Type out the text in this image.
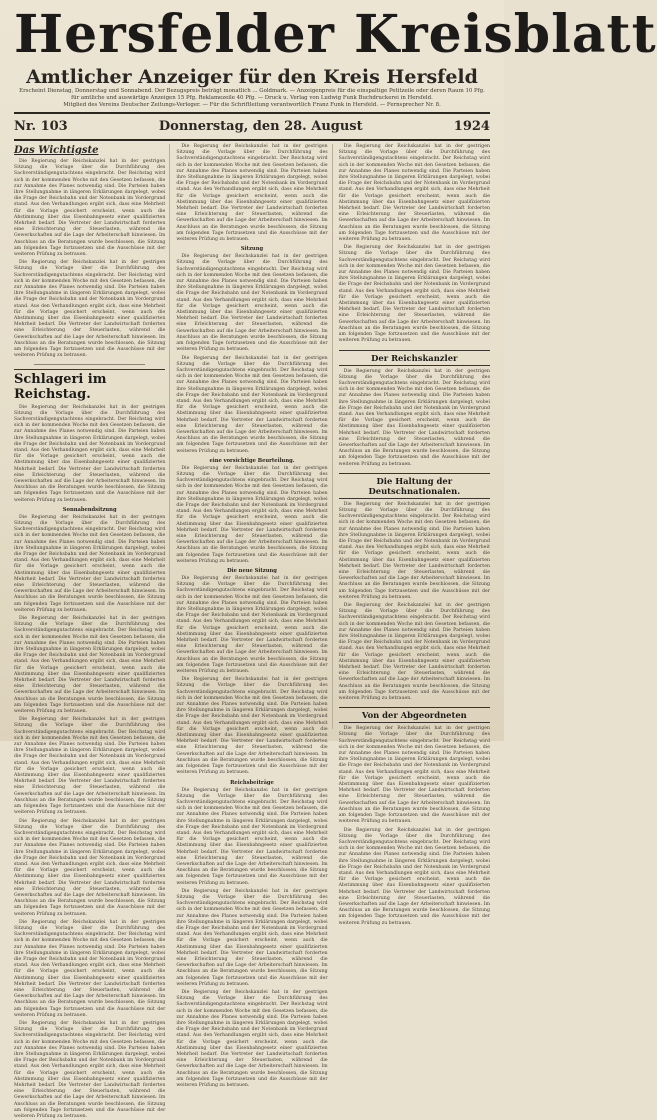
Hersfelder Kreisblatt
Amtlicher Anzeiger für den Kreis Hersfeld
Erscheint Dienstag, Donnerstag und Sonnabend. Der Bezugspreis beträgt monatlich ... Goldmark. — Anzeigenpreis für die einspaltige Petitzeile oder deren Raum 10 Pfg.
für amtliche und auswärtige Anzeigen 15 Pfg. Reklamezeile 40 Pfg. — Druck u. Verlag von Ludwig Funk Buchdruckerei in Hersfeld.
Mitglied des Vereins Deutscher Zeitungs-Verleger. — Für die Schriftleitung verantwortlich Franz Funk in Hersfeld. — Fernsprecher Nr. 8.
Nr. 103	Donnerstag, den 28. August	1924
Das Wichtigste

Die Regierung der Reichskanzlei hat in der gestrigen Sitzung die Vorlage über die Durchführung des Sachverständigengutachtens eingebracht. Der Reichstag wird sich in der kommenden Woche mit den Gesetzen befassen, die zur Annahme des Planes notwendig sind. Die Parteien haben ihre Stellungnahme in längeren Erklärungen dargelegt, wobei die Frage der Reichsbahn und der Notenbank im Vordergrund stand. Aus den Verhandlungen ergibt sich, dass eine Mehrheit für die Vorlage gesichert erscheint, wenn auch die Abstimmung über das Eisenbahngesetz einer qualifizierten Mehrheit bedarf. Die Vertreter der Landwirtschaft forderten eine Erleichterung der Steuerlasten, während die Gewerkschaften auf die Lage der Arbeiterschaft hinwiesen. Im Anschluss an die Beratungen wurde beschlossen, die Sitzung am folgenden Tage fortzusetzen und die Ausschüsse mit der weiteren Prüfung zu betrauen.

Die Regierung der Reichskanzlei hat in der gestrigen Sitzung die Vorlage über die Durchführung des Sachverständigengutachtens eingebracht. Der Reichstag wird sich in der kommenden Woche mit den Gesetzen befassen, die zur Annahme des Planes notwendig sind. Die Parteien haben ihre Stellungnahme in längeren Erklärungen dargelegt, wobei die Frage der Reichsbahn und der Notenbank im Vordergrund stand. Aus den Verhandlungen ergibt sich, dass eine Mehrheit für die Vorlage gesichert erscheint, wenn auch die Abstimmung über das Eisenbahngesetz einer qualifizierten Mehrheit bedarf. Die Vertreter der Landwirtschaft forderten eine Erleichterung der Steuerlasten, während die Gewerkschaften auf die Lage der Arbeiterschaft hinwiesen. Im Anschluss an die Beratungen wurde beschlossen, die Sitzung am folgenden Tage fortzusetzen und die Ausschüsse mit der weiteren Prüfung zu betrauen.

Schlageri im Reichstag.

Die Regierung der Reichskanzlei hat in der gestrigen Sitzung die Vorlage über die Durchführung des Sachverständigengutachtens eingebracht. Der Reichstag wird sich in der kommenden Woche mit den Gesetzen befassen, die zur Annahme des Planes notwendig sind. Die Parteien haben ihre Stellungnahme in längeren Erklärungen dargelegt, wobei die Frage der Reichsbahn und der Notenbank im Vordergrund stand. Aus den Verhandlungen ergibt sich, dass eine Mehrheit für die Vorlage gesichert erscheint, wenn auch die Abstimmung über das Eisenbahngesetz einer qualifizierten Mehrheit bedarf. Die Vertreter der Landwirtschaft forderten eine Erleichterung der Steuerlasten, während die Gewerkschaften auf die Lage der Arbeiterschaft hinwiesen. Im Anschluss an die Beratungen wurde beschlossen, die Sitzung am folgenden Tage fortzusetzen und die Ausschüsse mit der weiteren Prüfung zu betrauen.

Sonnabendsitzung

Die Regierung der Reichskanzlei hat in der gestrigen Sitzung die Vorlage über die Durchführung des Sachverständigengutachtens eingebracht. Der Reichstag wird sich in der kommenden Woche mit den Gesetzen befassen, die zur Annahme des Planes notwendig sind. Die Parteien haben ihre Stellungnahme in längeren Erklärungen dargelegt, wobei die Frage der Reichsbahn und der Notenbank im Vordergrund stand. Aus den Verhandlungen ergibt sich, dass eine Mehrheit für die Vorlage gesichert erscheint, wenn auch die Abstimmung über das Eisenbahngesetz einer qualifizierten Mehrheit bedarf. Die Vertreter der Landwirtschaft forderten eine Erleichterung der Steuerlasten, während die Gewerkschaften auf die Lage der Arbeiterschaft hinwiesen. Im Anschluss an die Beratungen wurde beschlossen, die Sitzung am folgenden Tage fortzusetzen und die Ausschüsse mit der weiteren Prüfung zu betrauen.

Die Regierung der Reichskanzlei hat in der gestrigen Sitzung die Vorlage über die Durchführung des Sachverständigengutachtens eingebracht. Der Reichstag wird sich in der kommenden Woche mit den Gesetzen befassen, die zur Annahme des Planes notwendig sind. Die Parteien haben ihre Stellungnahme in längeren Erklärungen dargelegt, wobei die Frage der Reichsbahn und der Notenbank im Vordergrund stand. Aus den Verhandlungen ergibt sich, dass eine Mehrheit für die Vorlage gesichert erscheint, wenn auch die Abstimmung über das Eisenbahngesetz einer qualifizierten Mehrheit bedarf. Die Vertreter der Landwirtschaft forderten eine Erleichterung der Steuerlasten, während die Gewerkschaften auf die Lage der Arbeiterschaft hinwiesen. Im Anschluss an die Beratungen wurde beschlossen, die Sitzung am folgenden Tage fortzusetzen und die Ausschüsse mit der weiteren Prüfung zu betrauen.

Die Regierung der Reichskanzlei hat in der gestrigen Sitzung die Vorlage über die Durchführung des Sachverständigengutachtens eingebracht. Der Reichstag wird sich in der kommenden Woche mit den Gesetzen befassen, die zur Annahme des Planes notwendig sind. Die Parteien haben ihre Stellungnahme in längeren Erklärungen dargelegt, wobei die Frage der Reichsbahn und der Notenbank im Vordergrund stand. Aus den Verhandlungen ergibt sich, dass eine Mehrheit für die Vorlage gesichert erscheint, wenn auch die Abstimmung über das Eisenbahngesetz einer qualifizierten Mehrheit bedarf. Die Vertreter der Landwirtschaft forderten eine Erleichterung der Steuerlasten, während die Gewerkschaften auf die Lage der Arbeiterschaft hinwiesen. Im Anschluss an die Beratungen wurde beschlossen, die Sitzung am folgenden Tage fortzusetzen und die Ausschüsse mit der weiteren Prüfung zu betrauen.

Die Regierung der Reichskanzlei hat in der gestrigen Sitzung die Vorlage über die Durchführung des Sachverständigengutachtens eingebracht. Der Reichstag wird sich in der kommenden Woche mit den Gesetzen befassen, die zur Annahme des Planes notwendig sind. Die Parteien haben ihre Stellungnahme in längeren Erklärungen dargelegt, wobei die Frage der Reichsbahn und der Notenbank im Vordergrund stand. Aus den Verhandlungen ergibt sich, dass eine Mehrheit für die Vorlage gesichert erscheint, wenn auch die Abstimmung über das Eisenbahngesetz einer qualifizierten Mehrheit bedarf. Die Vertreter der Landwirtschaft forderten eine Erleichterung der Steuerlasten, während die Gewerkschaften auf die Lage der Arbeiterschaft hinwiesen. Im Anschluss an die Beratungen wurde beschlossen, die Sitzung am folgenden Tage fortzusetzen und die Ausschüsse mit der weiteren Prüfung zu betrauen.

Die Regierung der Reichskanzlei hat in der gestrigen Sitzung die Vorlage über die Durchführung des Sachverständigengutachtens eingebracht. Der Reichstag wird sich in der kommenden Woche mit den Gesetzen befassen, die zur Annahme des Planes notwendig sind. Die Parteien haben ihre Stellungnahme in längeren Erklärungen dargelegt, wobei die Frage der Reichsbahn und der Notenbank im Vordergrund stand. Aus den Verhandlungen ergibt sich, dass eine Mehrheit für die Vorlage gesichert erscheint, wenn auch die Abstimmung über das Eisenbahngesetz einer qualifizierten Mehrheit bedarf. Die Vertreter der Landwirtschaft forderten eine Erleichterung der Steuerlasten, während die Gewerkschaften auf die Lage der Arbeiterschaft hinwiesen. Im Anschluss an die Beratungen wurde beschlossen, die Sitzung am folgenden Tage fortzusetzen und die Ausschüsse mit der weiteren Prüfung zu betrauen.

Die Regierung der Reichskanzlei hat in der gestrigen Sitzung die Vorlage über die Durchführung des Sachverständigengutachtens eingebracht. Der Reichstag wird sich in der kommenden Woche mit den Gesetzen befassen, die zur Annahme des Planes notwendig sind. Die Parteien haben ihre Stellungnahme in längeren Erklärungen dargelegt, wobei die Frage der Reichsbahn und der Notenbank im Vordergrund stand. Aus den Verhandlungen ergibt sich, dass eine Mehrheit für die Vorlage gesichert erscheint, wenn auch die Abstimmung über das Eisenbahngesetz einer qualifizierten Mehrheit bedarf. Die Vertreter der Landwirtschaft forderten eine Erleichterung der Steuerlasten, während die Gewerkschaften auf die Lage der Arbeiterschaft hinwiesen. Im Anschluss an die Beratungen wurde beschlossen, die Sitzung am folgenden Tage fortzusetzen und die Ausschüsse mit der weiteren Prüfung zu betrauen.

Die Regierung der Reichskanzlei hat in der gestrigen Sitzung die Vorlage über die Durchführung des Sachverständigengutachtens eingebracht. Der Reichstag wird sich in der kommenden Woche mit den Gesetzen befassen, die zur Annahme des Planes notwendig sind. Die Parteien haben ihre Stellungnahme in längeren Erklärungen dargelegt, wobei die Frage der Reichsbahn und der Notenbank im Vordergrund stand. Aus den Verhandlungen ergibt sich, dass eine Mehrheit für die Vorlage gesichert erscheint, wenn auch die Abstimmung über das Eisenbahngesetz einer qualifizierten Mehrheit bedarf. Die Vertreter der Landwirtschaft forderten eine Erleichterung der Steuerlasten, während die Gewerkschaften auf die Lage der Arbeiterschaft hinwiesen. Im Anschluss an die Beratungen wurde beschlossen, die Sitzung am folgenden Tage fortzusetzen und die Ausschüsse mit der weiteren Prüfung zu betrauen.

Sitzung

Die Regierung der Reichskanzlei hat in der gestrigen Sitzung die Vorlage über die Durchführung des Sachverständigengutachtens eingebracht. Der Reichstag wird sich in der kommenden Woche mit den Gesetzen befassen, die zur Annahme des Planes notwendig sind. Die Parteien haben ihre Stellungnahme in längeren Erklärungen dargelegt, wobei die Frage der Reichsbahn und der Notenbank im Vordergrund stand. Aus den Verhandlungen ergibt sich, dass eine Mehrheit für die Vorlage gesichert erscheint, wenn auch die Abstimmung über das Eisenbahngesetz einer qualifizierten Mehrheit bedarf. Die Vertreter der Landwirtschaft forderten eine Erleichterung der Steuerlasten, während die Gewerkschaften auf die Lage der Arbeiterschaft hinwiesen. Im Anschluss an die Beratungen wurde beschlossen, die Sitzung am folgenden Tage fortzusetzen und die Ausschüsse mit der weiteren Prüfung zu betrauen.

Die Regierung der Reichskanzlei hat in der gestrigen Sitzung die Vorlage über die Durchführung des Sachverständigengutachtens eingebracht. Der Reichstag wird sich in der kommenden Woche mit den Gesetzen befassen, die zur Annahme des Planes notwendig sind. Die Parteien haben ihre Stellungnahme in längeren Erklärungen dargelegt, wobei die Frage der Reichsbahn und der Notenbank im Vordergrund stand. Aus den Verhandlungen ergibt sich, dass eine Mehrheit für die Vorlage gesichert erscheint, wenn auch die Abstimmung über das Eisenbahngesetz einer qualifizierten Mehrheit bedarf. Die Vertreter der Landwirtschaft forderten eine Erleichterung der Steuerlasten, während die Gewerkschaften auf die Lage der Arbeiterschaft hinwiesen. Im Anschluss an die Beratungen wurde beschlossen, die Sitzung am folgenden Tage fortzusetzen und die Ausschüsse mit der weiteren Prüfung zu betrauen.

eine vorsichtige Beurteilung.

Die Regierung der Reichskanzlei hat in der gestrigen Sitzung die Vorlage über die Durchführung des Sachverständigengutachtens eingebracht. Der Reichstag wird sich in der kommenden Woche mit den Gesetzen befassen, die zur Annahme des Planes notwendig sind. Die Parteien haben ihre Stellungnahme in längeren Erklärungen dargelegt, wobei die Frage der Reichsbahn und der Notenbank im Vordergrund stand. Aus den Verhandlungen ergibt sich, dass eine Mehrheit für die Vorlage gesichert erscheint, wenn auch die Abstimmung über das Eisenbahngesetz einer qualifizierten Mehrheit bedarf. Die Vertreter der Landwirtschaft forderten eine Erleichterung der Steuerlasten, während die Gewerkschaften auf die Lage der Arbeiterschaft hinwiesen. Im Anschluss an die Beratungen wurde beschlossen, die Sitzung am folgenden Tage fortzusetzen und die Ausschüsse mit der weiteren Prüfung zu betrauen.

Die neue Sitzung

Die Regierung der Reichskanzlei hat in der gestrigen Sitzung die Vorlage über die Durchführung des Sachverständigengutachtens eingebracht. Der Reichstag wird sich in der kommenden Woche mit den Gesetzen befassen, die zur Annahme des Planes notwendig sind. Die Parteien haben ihre Stellungnahme in längeren Erklärungen dargelegt, wobei die Frage der Reichsbahn und der Notenbank im Vordergrund stand. Aus den Verhandlungen ergibt sich, dass eine Mehrheit für die Vorlage gesichert erscheint, wenn auch die Abstimmung über das Eisenbahngesetz einer qualifizierten Mehrheit bedarf. Die Vertreter der Landwirtschaft forderten eine Erleichterung der Steuerlasten, während die Gewerkschaften auf die Lage der Arbeiterschaft hinwiesen. Im Anschluss an die Beratungen wurde beschlossen, die Sitzung am folgenden Tage fortzusetzen und die Ausschüsse mit der weiteren Prüfung zu betrauen.

Die Regierung der Reichskanzlei hat in der gestrigen Sitzung die Vorlage über die Durchführung des Sachverständigengutachtens eingebracht. Der Reichstag wird sich in der kommenden Woche mit den Gesetzen befassen, die zur Annahme des Planes notwendig sind. Die Parteien haben ihre Stellungnahme in längeren Erklärungen dargelegt, wobei die Frage der Reichsbahn und der Notenbank im Vordergrund stand. Aus den Verhandlungen ergibt sich, dass eine Mehrheit für die Vorlage gesichert erscheint, wenn auch die Abstimmung über das Eisenbahngesetz einer qualifizierten Mehrheit bedarf. Die Vertreter der Landwirtschaft forderten eine Erleichterung der Steuerlasten, während die Gewerkschaften auf die Lage der Arbeiterschaft hinwiesen. Im Anschluss an die Beratungen wurde beschlossen, die Sitzung am folgenden Tage fortzusetzen und die Ausschüsse mit der weiteren Prüfung zu betrauen.

Reichsbeiträge

Die Regierung der Reichskanzlei hat in der gestrigen Sitzung die Vorlage über die Durchführung des Sachverständigengutachtens eingebracht. Der Reichstag wird sich in der kommenden Woche mit den Gesetzen befassen, die zur Annahme des Planes notwendig sind. Die Parteien haben ihre Stellungnahme in längeren Erklärungen dargelegt, wobei die Frage der Reichsbahn und der Notenbank im Vordergrund stand. Aus den Verhandlungen ergibt sich, dass eine Mehrheit für die Vorlage gesichert erscheint, wenn auch die Abstimmung über das Eisenbahngesetz einer qualifizierten Mehrheit bedarf. Die Vertreter der Landwirtschaft forderten eine Erleichterung der Steuerlasten, während die Gewerkschaften auf die Lage der Arbeiterschaft hinwiesen. Im Anschluss an die Beratungen wurde beschlossen, die Sitzung am folgenden Tage fortzusetzen und die Ausschüsse mit der weiteren Prüfung zu betrauen.

Die Regierung der Reichskanzlei hat in der gestrigen Sitzung die Vorlage über die Durchführung des Sachverständigengutachtens eingebracht. Der Reichstag wird sich in der kommenden Woche mit den Gesetzen befassen, die zur Annahme des Planes notwendig sind. Die Parteien haben ihre Stellungnahme in längeren Erklärungen dargelegt, wobei die Frage der Reichsbahn und der Notenbank im Vordergrund stand. Aus den Verhandlungen ergibt sich, dass eine Mehrheit für die Vorlage gesichert erscheint, wenn auch die Abstimmung über das Eisenbahngesetz einer qualifizierten Mehrheit bedarf. Die Vertreter der Landwirtschaft forderten eine Erleichterung der Steuerlasten, während die Gewerkschaften auf die Lage der Arbeiterschaft hinwiesen. Im Anschluss an die Beratungen wurde beschlossen, die Sitzung am folgenden Tage fortzusetzen und die Ausschüsse mit der weiteren Prüfung zu betrauen.

Die Regierung der Reichskanzlei hat in der gestrigen Sitzung die Vorlage über die Durchführung des Sachverständigengutachtens eingebracht. Der Reichstag wird sich in der kommenden Woche mit den Gesetzen befassen, die zur Annahme des Planes notwendig sind. Die Parteien haben ihre Stellungnahme in längeren Erklärungen dargelegt, wobei die Frage der Reichsbahn und der Notenbank im Vordergrund stand. Aus den Verhandlungen ergibt sich, dass eine Mehrheit für die Vorlage gesichert erscheint, wenn auch die Abstimmung über das Eisenbahngesetz einer qualifizierten Mehrheit bedarf. Die Vertreter der Landwirtschaft forderten eine Erleichterung der Steuerlasten, während die Gewerkschaften auf die Lage der Arbeiterschaft hinwiesen. Im Anschluss an die Beratungen wurde beschlossen, die Sitzung am folgenden Tage fortzusetzen und die Ausschüsse mit der weiteren Prüfung zu betrauen.

Die Regierung der Reichskanzlei hat in der gestrigen Sitzung die Vorlage über die Durchführung des Sachverständigengutachtens eingebracht. Der Reichstag wird sich in der kommenden Woche mit den Gesetzen befassen, die zur Annahme des Planes notwendig sind. Die Parteien haben ihre Stellungnahme in längeren Erklärungen dargelegt, wobei die Frage der Reichsbahn und der Notenbank im Vordergrund stand. Aus den Verhandlungen ergibt sich, dass eine Mehrheit für die Vorlage gesichert erscheint, wenn auch die Abstimmung über das Eisenbahngesetz einer qualifizierten Mehrheit bedarf. Die Vertreter der Landwirtschaft forderten eine Erleichterung der Steuerlasten, während die Gewerkschaften auf die Lage der Arbeiterschaft hinwiesen. Im Anschluss an die Beratungen wurde beschlossen, die Sitzung am folgenden Tage fortzusetzen und die Ausschüsse mit der weiteren Prüfung zu betrauen.

Die Regierung der Reichskanzlei hat in der gestrigen Sitzung die Vorlage über die Durchführung des Sachverständigengutachtens eingebracht. Der Reichstag wird sich in der kommenden Woche mit den Gesetzen befassen, die zur Annahme des Planes notwendig sind. Die Parteien haben ihre Stellungnahme in längeren Erklärungen dargelegt, wobei die Frage der Reichsbahn und der Notenbank im Vordergrund stand. Aus den Verhandlungen ergibt sich, dass eine Mehrheit für die Vorlage gesichert erscheint, wenn auch die Abstimmung über das Eisenbahngesetz einer qualifizierten Mehrheit bedarf. Die Vertreter der Landwirtschaft forderten eine Erleichterung der Steuerlasten, während die Gewerkschaften auf die Lage der Arbeiterschaft hinwiesen. Im Anschluss an die Beratungen wurde beschlossen, die Sitzung am folgenden Tage fortzusetzen und die Ausschüsse mit der weiteren Prüfung zu betrauen.

Der Reichskanzler

Die Regierung der Reichskanzlei hat in der gestrigen Sitzung die Vorlage über die Durchführung des Sachverständigengutachtens eingebracht. Der Reichstag wird sich in der kommenden Woche mit den Gesetzen befassen, die zur Annahme des Planes notwendig sind. Die Parteien haben ihre Stellungnahme in längeren Erklärungen dargelegt, wobei die Frage der Reichsbahn und der Notenbank im Vordergrund stand. Aus den Verhandlungen ergibt sich, dass eine Mehrheit für die Vorlage gesichert erscheint, wenn auch die Abstimmung über das Eisenbahngesetz einer qualifizierten Mehrheit bedarf. Die Vertreter der Landwirtschaft forderten eine Erleichterung der Steuerlasten, während die Gewerkschaften auf die Lage der Arbeiterschaft hinwiesen. Im Anschluss an die Beratungen wurde beschlossen, die Sitzung am folgenden Tage fortzusetzen und die Ausschüsse mit der weiteren Prüfung zu betrauen.

Die Haltung der Deutschnationalen.

Die Regierung der Reichskanzlei hat in der gestrigen Sitzung die Vorlage über die Durchführung des Sachverständigengutachtens eingebracht. Der Reichstag wird sich in der kommenden Woche mit den Gesetzen befassen, die zur Annahme des Planes notwendig sind. Die Parteien haben ihre Stellungnahme in längeren Erklärungen dargelegt, wobei die Frage der Reichsbahn und der Notenbank im Vordergrund stand. Aus den Verhandlungen ergibt sich, dass eine Mehrheit für die Vorlage gesichert erscheint, wenn auch die Abstimmung über das Eisenbahngesetz einer qualifizierten Mehrheit bedarf. Die Vertreter der Landwirtschaft forderten eine Erleichterung der Steuerlasten, während die Gewerkschaften auf die Lage der Arbeiterschaft hinwiesen. Im Anschluss an die Beratungen wurde beschlossen, die Sitzung am folgenden Tage fortzusetzen und die Ausschüsse mit der weiteren Prüfung zu betrauen.

Die Regierung der Reichskanzlei hat in der gestrigen Sitzung die Vorlage über die Durchführung des Sachverständigengutachtens eingebracht. Der Reichstag wird sich in der kommenden Woche mit den Gesetzen befassen, die zur Annahme des Planes notwendig sind. Die Parteien haben ihre Stellungnahme in längeren Erklärungen dargelegt, wobei die Frage der Reichsbahn und der Notenbank im Vordergrund stand. Aus den Verhandlungen ergibt sich, dass eine Mehrheit für die Vorlage gesichert erscheint, wenn auch die Abstimmung über das Eisenbahngesetz einer qualifizierten Mehrheit bedarf. Die Vertreter der Landwirtschaft forderten eine Erleichterung der Steuerlasten, während die Gewerkschaften auf die Lage der Arbeiterschaft hinwiesen. Im Anschluss an die Beratungen wurde beschlossen, die Sitzung am folgenden Tage fortzusetzen und die Ausschüsse mit der weiteren Prüfung zu betrauen.

Von der Abgeordneten

Die Regierung der Reichskanzlei hat in der gestrigen Sitzung die Vorlage über die Durchführung des Sachverständigengutachtens eingebracht. Der Reichstag wird sich in der kommenden Woche mit den Gesetzen befassen, die zur Annahme des Planes notwendig sind. Die Parteien haben ihre Stellungnahme in längeren Erklärungen dargelegt, wobei die Frage der Reichsbahn und der Notenbank im Vordergrund stand. Aus den Verhandlungen ergibt sich, dass eine Mehrheit für die Vorlage gesichert erscheint, wenn auch die Abstimmung über das Eisenbahngesetz einer qualifizierten Mehrheit bedarf. Die Vertreter der Landwirtschaft forderten eine Erleichterung der Steuerlasten, während die Gewerkschaften auf die Lage der Arbeiterschaft hinwiesen. Im Anschluss an die Beratungen wurde beschlossen, die Sitzung am folgenden Tage fortzusetzen und die Ausschüsse mit der weiteren Prüfung zu betrauen.

Die Regierung der Reichskanzlei hat in der gestrigen Sitzung die Vorlage über die Durchführung des Sachverständigengutachtens eingebracht. Der Reichstag wird sich in der kommenden Woche mit den Gesetzen befassen, die zur Annahme des Planes notwendig sind. Die Parteien haben ihre Stellungnahme in längeren Erklärungen dargelegt, wobei die Frage der Reichsbahn und der Notenbank im Vordergrund stand. Aus den Verhandlungen ergibt sich, dass eine Mehrheit für die Vorlage gesichert erscheint, wenn auch die Abstimmung über das Eisenbahngesetz einer qualifizierten Mehrheit bedarf. Die Vertreter der Landwirtschaft forderten eine Erleichterung der Steuerlasten, während die Gewerkschaften auf die Lage der Arbeiterschaft hinwiesen. Im Anschluss an die Beratungen wurde beschlossen, die Sitzung am folgenden Tage fortzusetzen und die Ausschüsse mit der weiteren Prüfung zu betrauen.
